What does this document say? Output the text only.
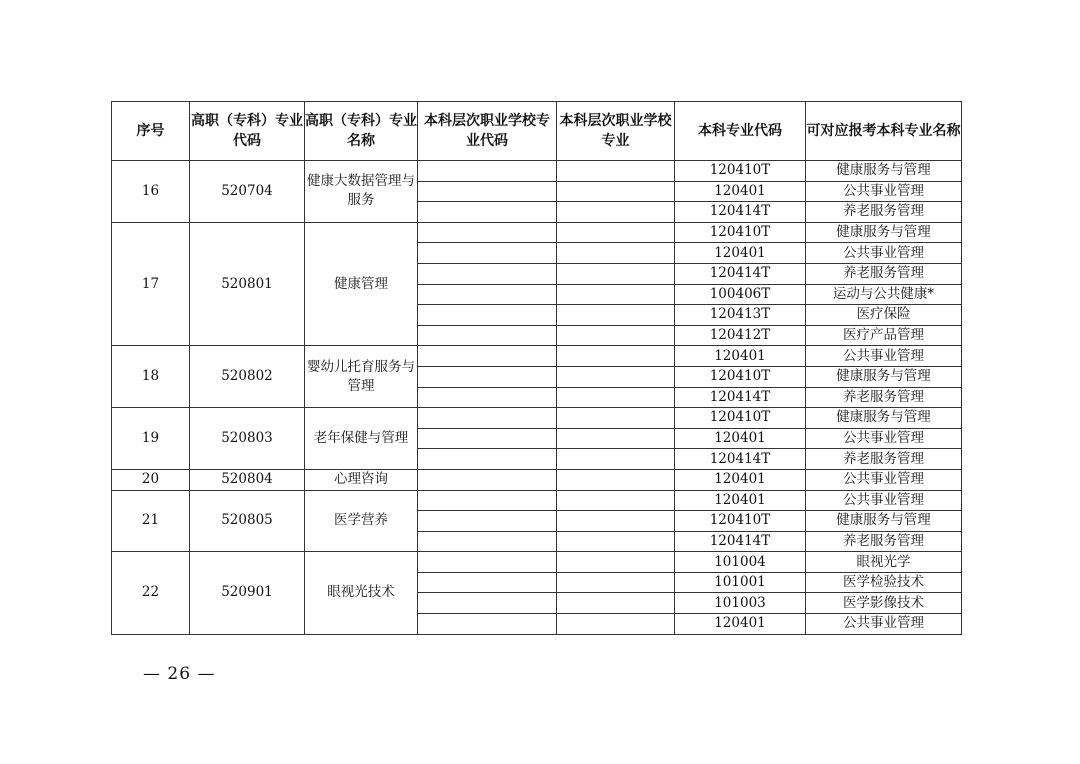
序号	高职（专科）专业代码	高职（专科）专业名称	本科层次职业学校专业代码	本科层次职业学校专业	本科专业代码	可对应报考本科专业名称
16	520704	健康大数据管理与服务			120410T	健康服务与管理
					120401	公共事业管理
					120414T	养老服务管理
17	520801	健康管理			120410T	健康服务与管理
					120401	公共事业管理
					120414T	养老服务管理
					100406T	运动与公共健康*
					120413T	医疗保险
					120412T	医疗产品管理
18	520802	婴幼儿托育服务与管理			120401	公共事业管理
					120410T	健康服务与管理
					120414T	养老服务管理
19	520803	老年保健与管理			120410T	健康服务与管理
					120401	公共事业管理
					120414T	养老服务管理
20	520804	心理咨询			120401	公共事业管理
21	520805	医学营养			120401	公共事业管理
					120410T	健康服务与管理
					120414T	养老服务管理
22	520901	眼视光技术			101004	眼视光学
					101001	医学检验技术
					101003	医学影像技术
					120401	公共事业管理
— 26 —
